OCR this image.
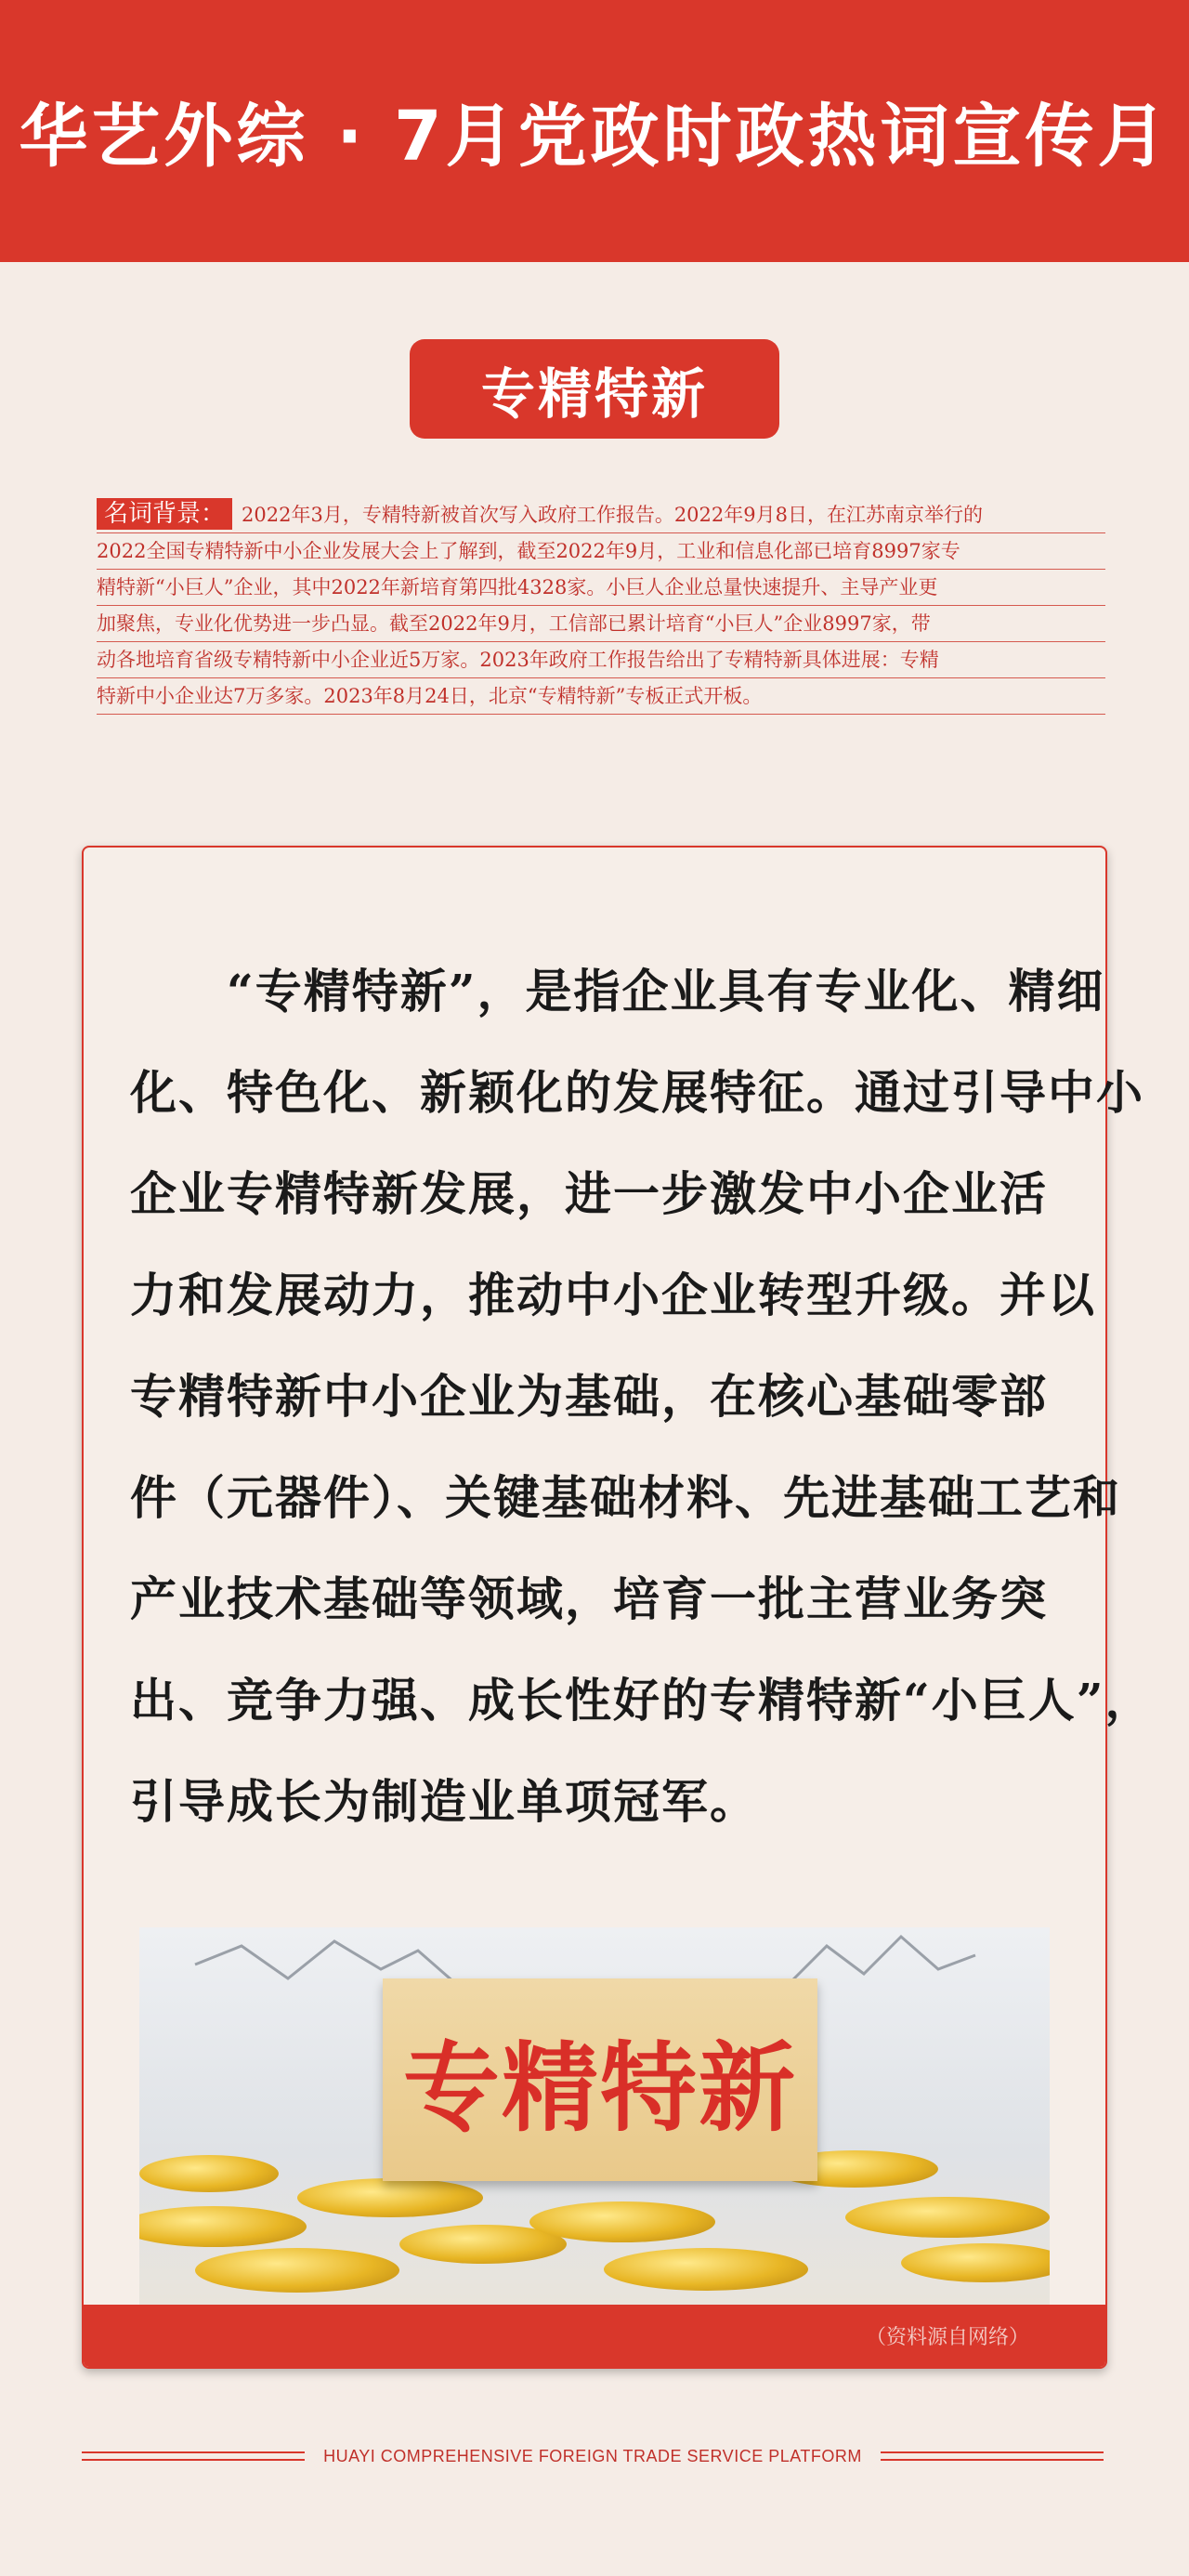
华艺外综 · 7月党政时政热词宣传月
专精特新
名词背景： 2022年3月，专精特新被首次写入政府工作报告。2022年9月8日，在江苏南京举行的
2022全国专精特新中小企业发展大会上了解到，截至2022年9月，工业和信息化部已培育8997家专
精特新“小巨人”企业，其中2022年新培育第四批4328家。小巨人企业总量快速提升、主导产业更
加聚焦，专业化优势进一步凸显。截至2022年9月，工信部已累计培育“小巨人”企业8997家，带
动各地培育省级专精特新中小企业近5万家。2023年政府工作报告给出了专精特新具体进展：专精
特新中小企业达7万多家。2023年8月24日，北京“专精特新”专板正式开板。
　　“专精特新”，是指企业具有专业化、精细
化、特色化、新颖化的发展特征。通过引导中小
企业专精特新发展，进一步激发中小企业活
力和发展动力，推动中小企业转型升级。并以
专精特新中小企业为基础，在核心基础零部
件（元器件）、关键基础材料、先进基础工艺和
产业技术基础等领域，培育一批主营业务突
出、竞争力强、成长性好的专精特新“小巨人”，
引导成长为制造业单项冠军。
专精特新
（资料源自网络）
HUAYI COMPREHENSIVE FOREIGN TRADE SERVICE PLATFORM
